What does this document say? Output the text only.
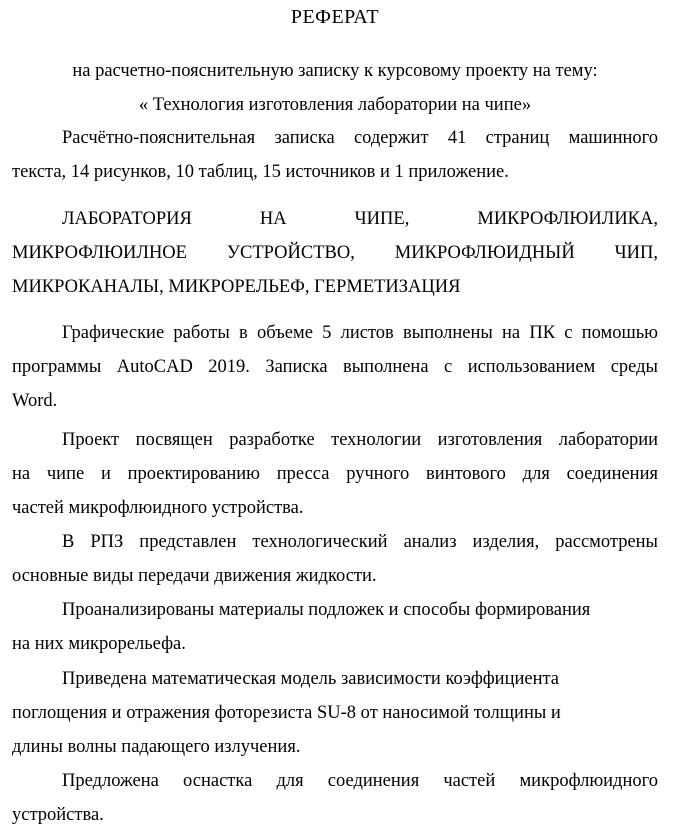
РЕФЕРАТ
на расчетно-пояснительную записку к курсовому проекту на тему:
« Технология изготовления лаборатории на чипе»
Расчётно-пояснительная записка содержит 41 страниц машинного
текста, 14 рисунков, 10 таблиц, 15 источников и 1 приложение.
ЛАБОРАТОРИЯ НА ЧИПЕ, МИКРОФЛЮИЛИКА,
МИКРОФЛЮИЛНОЕ УСТРОЙСТВО, МИКРОФЛЮИДНЫЙ ЧИП,
МИКРОКАНАЛЫ, МИКРОРЕЛЬЕФ, ГЕРМЕТИЗАЦИЯ
Графические работы в объеме 5 листов выполнены на ПК с помошью
программы AutoCAD 2019. Записка выполнена с использованием среды
Word.
Проект посвящен разработке технологии изготовления лаборатории
на чипе и проектированию пресса ручного винтового для соединения
частей микрофлюидного устройства.
В РПЗ представлен технологический анализ изделия, рассмотрены
основные виды передачи движения жидкости.
Проанализированы материалы подложек и способы формирования
на них микрорельефа.
Приведена математическая модель зависимости коэффициента
поглощения и отражения фоторезиста SU-8 от наносимой толщины и
длины волны падающего излучения.
Предложена оснастка для соединения частей микрофлюидного
устройства.
